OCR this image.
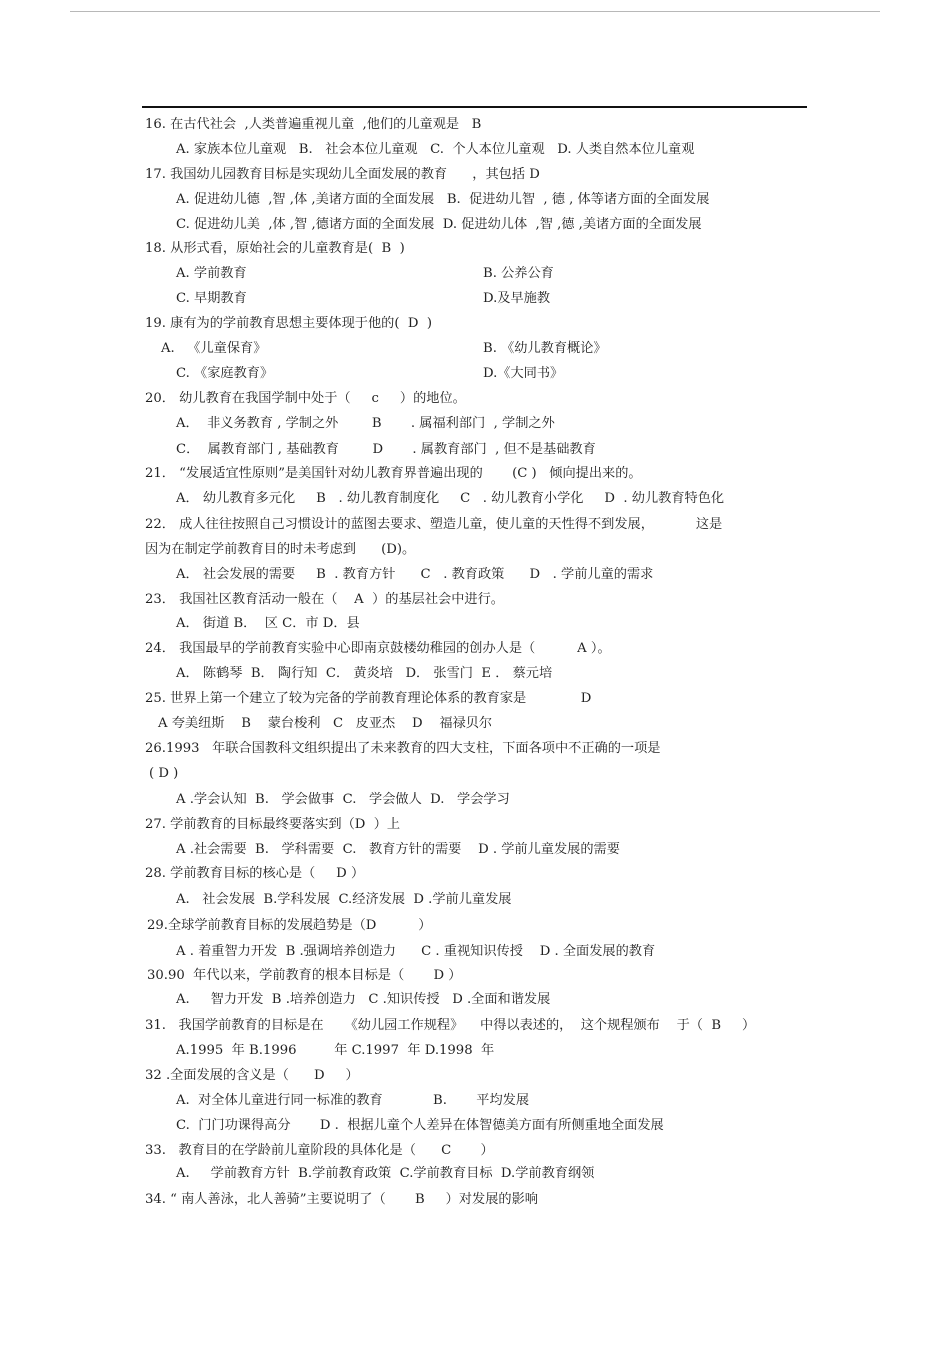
16. 在古代社会  ,人类普遍重视儿童  ,他们的儿童观是   B
A. 家族本位儿童观   B.   社会本位儿童观   C.  个人本位儿童观   D. 人类自然本位儿童观
17. 我国幼儿园教育目标是实现幼儿全面发展的教育      ，其包括 D
A. 促进幼儿德  ,智 ,体 ,美诸方面的全面发展   B.  促进幼儿智  , 德 , 体等诸方面的全面发展
C. 促进幼儿美  ,体 ,智 ,德诸方面的全面发展  D. 促进幼儿体  ,智 ,德 ,美诸方面的全面发展
18. 从形式看，原始社会的儿童教育是(  B  )
A. 学前教育	B. 公养公育
C. 早期教育	D.及早施教
19. 康有为的学前教育思想主要体现于他的(  D  )
A.   《儿童保育》	B. 《幼儿教育概论》
C. 《家庭教育》	D.《大同书》
20． 幼儿教育在我国学制中处于（     c     ）的地位。
A．  非义务教育 , 学制之外        B       . 属福利部门  , 学制之外
C．  属教育部门 , 基础教育        D       . 属教育部门  , 但不是基础教育
21． “发展适宜性原则”是美国针对幼儿教育界普遍出现的       (C )   倾向提出来的。
A． 幼儿教育多元化     B   . 幼儿教育制度化     C   . 幼儿教育小学化     D  . 幼儿教育特色化
22． 成人往往按照自己习惯设计的蓝图去要求、塑造儿童，使儿童的天性得不到发展，          这是
因为在制定学前教育目的时未考虑到      (D)。
A． 社会发展的需要     B  . 教育方针      C   . 教育政策      D   . 学前儿童的需求
23． 我国社区教育活动一般在（    A  ）的基层社会中进行。
A． 街道 B．  区 C．市 D．县
24． 我国最早的学前教育实验中心即南京鼓楼幼稚园的创办人是（          A ）。
A． 陈鹤琴  B． 陶行知  C． 黄炎培   D． 张雪门  E ． 蔡元培
25. 世界上第一个建立了较为完备的学前教育理论体系的教育家是             D
A 夸美纽斯    B    蒙台梭利   C   皮亚杰    D    福禄贝尔
26.1993   年联合国教科文组织提出了未来教育的四大支柱，下面各项中不正确的一项是
( D )
A .学会认知  B.   学会做事  C.   学会做人  D.   学会学习
27. 学前教育的目标最终要落实到（D  ）上
A .社会需要  B.   学科需要  C.   教育方针的需要    D . 学前儿童发展的需要
28. 学前教育目标的核心是（     D ）
A.   社会发展  B.学科发展  C.经济发展  D .学前儿童发展
29.全球学前教育目标的发展趋势是（D          ）
A . 着重智力开发  B .强调培养创造力      C . 重视知识传授    D . 全面发展的教育
30.90  年代以来，学前教育的根本目标是（       D ）
A.     智力开发  B .培养创造力   C .知识传授   D .全面和谐发展
31.   我国学前教育的目标是在     《幼儿园工作规程》    中得以表述的，  这个规程颁布    于（  B     ）
A.1995  年 B.1996         年 C.1997  年 D.1998  年
32 .全面发展的含义是（      D     ）
A.  对全体儿童进行同一标准的教育            B.       平均发展
C.  门门功课得高分       D .  根据儿童个人差异在体智德美方面有所侧重地全面发展
33.   教育目的在学龄前儿童阶段的具体化是（      C       ）
A.     学前教育方针  B.学前教育政策  C.学前教育目标  D.学前教育纲领
34. “ 南人善泳，北人善骑”主要说明了（       B     ）对发展的影响
